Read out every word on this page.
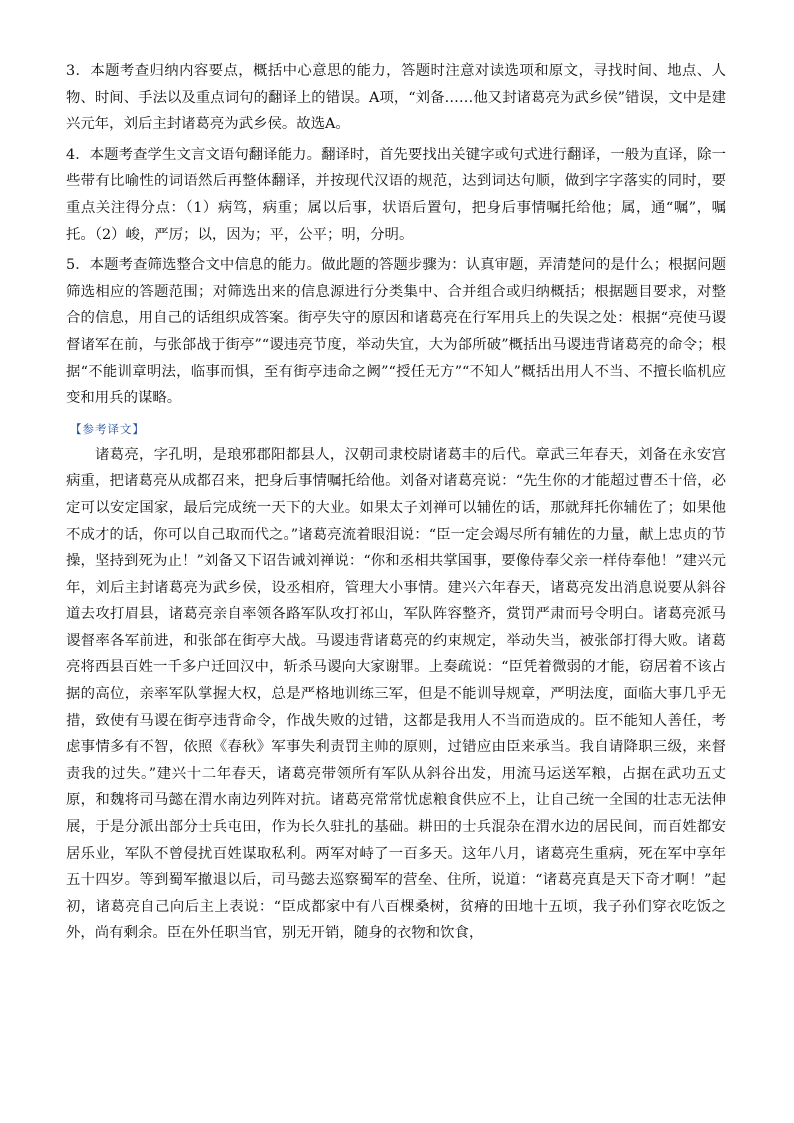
3．本题考查归纳内容要点，概括中心意思的能力，答题时注意对读选项和原文，寻找时间、地点、人物、时间、手法以及重点词句的翻译上的错误。A项，“刘备……他又封诸葛亮为武乡侯”错误，文中是建兴元年，刘后主封诸葛亮为武乡侯。故选A。

4．本题考查学生文言文语句翻译能力。翻译时，首先要找出关键字或句式进行翻译，一般为直译，除一些带有比喻性的词语然后再整体翻译，并按现代汉语的规范，达到词达句顺，做到字字落实的同时，要重点关注得分点：（1）病笃，病重；属以后事，状语后置句，把身后事情嘱托给他；属，通“嘱”，嘱托。（2）峻，严厉；以，因为；平，公平；明，分明。

5．本题考查筛选整合文中信息的能力。做此题的答题步骤为：认真审题，弄清楚问的是什么；根据问题筛选相应的答题范围；对筛选出来的信息源进行分类集中、合并组合或归纳概括；根据题目要求，对整合的信息，用自己的话组织成答案。街亭失守的原因和诸葛亮在行军用兵上的失误之处：根据“亮使马谡督诸军在前，与张郃战于街亭”“谡违亮节度，举动失宜，大为郃所破”概括出马谡违背诸葛亮的命令；根据“不能训章明法，临事而惧，至有街亭违命之阙”“授任无方”“不知人”概括出用人不当、不擅长临机应变和用兵的谋略。

【参考译文】

诸葛亮，字孔明，是琅邪郡阳都县人，汉朝司隶校尉诸葛丰的后代。章武三年春天，刘备在永安宫病重，把诸葛亮从成都召来，把身后事情嘱托给他。刘备对诸葛亮说：“先生你的才能超过曹丕十倍，必定可以安定国家，最后完成统一天下的大业。如果太子刘禅可以辅佐的话，那就拜托你辅佐了；如果他不成才的话，你可以自己取而代之。”诸葛亮流着眼泪说：“臣一定会竭尽所有辅佐的力量，献上忠贞的节操，坚持到死为止！”刘备又下诏告诫刘禅说：“你和丞相共掌国事，要像侍奉父亲一样侍奉他！”建兴元年，刘后主封诸葛亮为武乡侯，设丞相府，管理大小事情。建兴六年春天，诸葛亮发出消息说要从斜谷道去攻打眉县，诸葛亮亲自率领各路军队攻打祁山，军队阵容整齐，赏罚严肃而号令明白。诸葛亮派马谡督率各军前进，和张郃在街亭大战。马谡违背诸葛亮的约束规定，举动失当，被张郃打得大败。诸葛亮将西县百姓一千多户迁回汉中，斩杀马谡向大家谢罪。上奏疏说：“臣凭着微弱的才能，窃居着不该占据的高位，亲率军队掌握大权，总是严格地训练三军，但是不能训导规章，严明法度，面临大事几乎无措，致使有马谡在街亭违背命令，作战失败的过错，这都是我用人不当而造成的。臣不能知人善任，考虑事情多有不智，依照《春秋》军事失利责罚主帅的原则，过错应由臣来承当。我自请降职三级，来督责我的过失。”建兴十二年春天，诸葛亮带领所有军队从斜谷出发，用流马运送军粮，占据在武功五丈原，和魏将司马懿在渭水南边列阵对抗。诸葛亮常常忧虑粮食供应不上，让自己统一全国的壮志无法伸展，于是分派出部分士兵屯田，作为长久驻扎的基础。耕田的士兵混杂在渭水边的居民间，而百姓都安居乐业，军队不曾侵扰百姓谋取私利。两军对峙了一百多天。这年八月，诸葛亮生重病，死在军中享年五十四岁。等到蜀军撤退以后，司马懿去巡察蜀军的营垒、住所，说道：“诸葛亮真是天下奇才啊！”起初，诸葛亮自己向后主上表说：“臣成都家中有八百棵桑树，贫瘠的田地十五顷，我子孙们穿衣吃饭之外，尚有剩余。臣在外任职当官，别无开销，随身的衣物和饮食，
